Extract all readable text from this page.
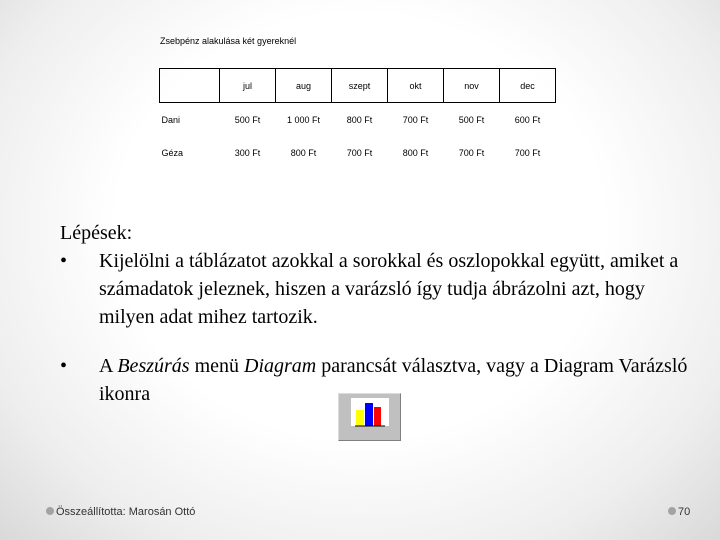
Zsebpénz alakulása két gyereknél
	jul	aug	szept	okt	nov	dec
Dani	500 Ft	1 000 Ft	800 Ft	700 Ft	500 Ft	600 Ft
Géza	300 Ft	800 Ft	700 Ft	800 Ft	700 Ft	700 Ft

Lépések:

• Kijelölni a táblázatot azokkal a sorokkal és oszlopokkal együtt, amiket a számadatok jeleznek, hiszen a varázsló így tudja ábrázolni azt, hogy milyen adat mihez tartozik.

• A Beszúrás menü Diagram parancsát választva, vagy a Diagram Varázsló ikonra

Összeállította: Marosán Ottó	70
